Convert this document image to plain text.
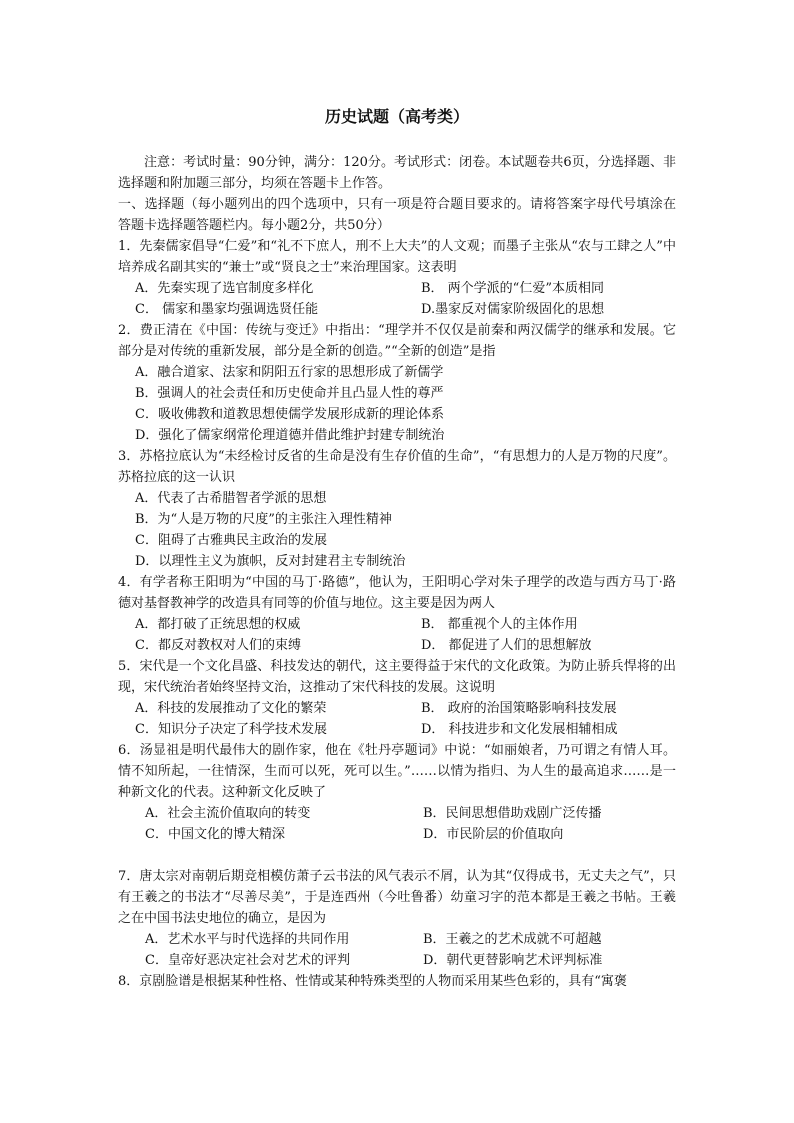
历史试题（高考类）
注意：考试时量：90分钟，满分：120分。考试形式：闭卷。本试题卷共6页，分选择题、非选择题和附加题三部分，均须在答题卡上作答。
一、选择题（每小题列出的四个选项中，只有一项是符合题目要求的。请将答案字母代号填涂在答题卡选择题答题栏内。每小题2分，共50分）
1．先秦儒家倡导“仁爱”和“礼不下庶人，刑不上大夫”的人文观；而墨子主张从“农与工肆之人”中培养成名副其实的“兼士”或“贤良之士”来治理国家。这表明
A．先秦实现了选官制度多样化	B． 两个学派的“仁爱”本质相同
C． 儒家和墨家均强调选贤任能	D.墨家反对儒家阶级固化的思想
2．费正清在《中国：传统与变迁》中指出：“理学并不仅仅是前秦和两汉儒学的继承和发展。它部分是对传统的重新发展，部分是全新的创造。”“全新的创造”是指
A．融合道家、法家和阴阳五行家的思想形成了新儒学
B．强调人的社会责任和历史使命并且凸显人性的尊严
C．吸收佛教和道教思想使儒学发展形成新的理论体系
D．强化了儒家纲常伦理道德并借此维护封建专制统治
3．苏格拉底认为“未经检讨反省的生命是没有生存价值的生命”，“有思想力的人是万物的尺度”。苏格拉底的这一认识
A．代表了古希腊智者学派的思想
B．为“人是万物的尺度”的主张注入理性精神
C．阻碍了古雅典民主政治的发展
D．以理性主义为旗帜，反对封建君主专制统治
4．有学者称王阳明为“中国的马丁·路德”，他认为，王阳明心学对朱子理学的改造与西方马丁·路德对基督教神学的改造具有同等的价值与地位。这主要是因为两人
A．都打破了正统思想的权威	B． 都重视个人的主体作用
C．都反对教权对人们的束缚	D． 都促进了人们的思想解放
5．宋代是一个文化昌盛、科技发达的朝代，这主要得益于宋代的文化政策。为防止骄兵悍将的出现，宋代统治者始终坚持文治，这推动了宋代科技的发展。这说明
A．科技的发展推动了文化的繁荣	B． 政府的治国策略影响科技发展
C．知识分子决定了科学技术发展	D． 科技进步和文化发展相辅相成
6．汤显祖是明代最伟大的剧作家，他在《牡丹亭题词》中说：“如丽娘者，乃可谓之有情人耳。情不知所起，一往情深，生而可以死，死可以生。”……以情为指归、为人生的最高追求……是一种新文化的代表。这种新文化反映了
A．社会主流价值取向的转变	B．民间思想借助戏剧广泛传播
C．中国文化的博大精深	D．市民阶层的价值取向
7．唐太宗对南朝后期竞相模仿萧子云书法的风气表示不屑，认为其“仅得成书，无丈夫之气”，只有王羲之的书法才“尽善尽美”，于是连西州（今吐鲁番）幼童习字的范本都是王羲之书帖。王羲之在中国书法史地位的确立，是因为
A．艺术水平与时代选择的共同作用	B．王羲之的艺术成就不可超越
C．皇帝好恶决定社会对艺术的评判	D．朝代更替影响艺术评判标准
8．京剧脸谱是根据某种性格、性情或某种特殊类型的人物而采用某些色彩的，具有“寓褒
